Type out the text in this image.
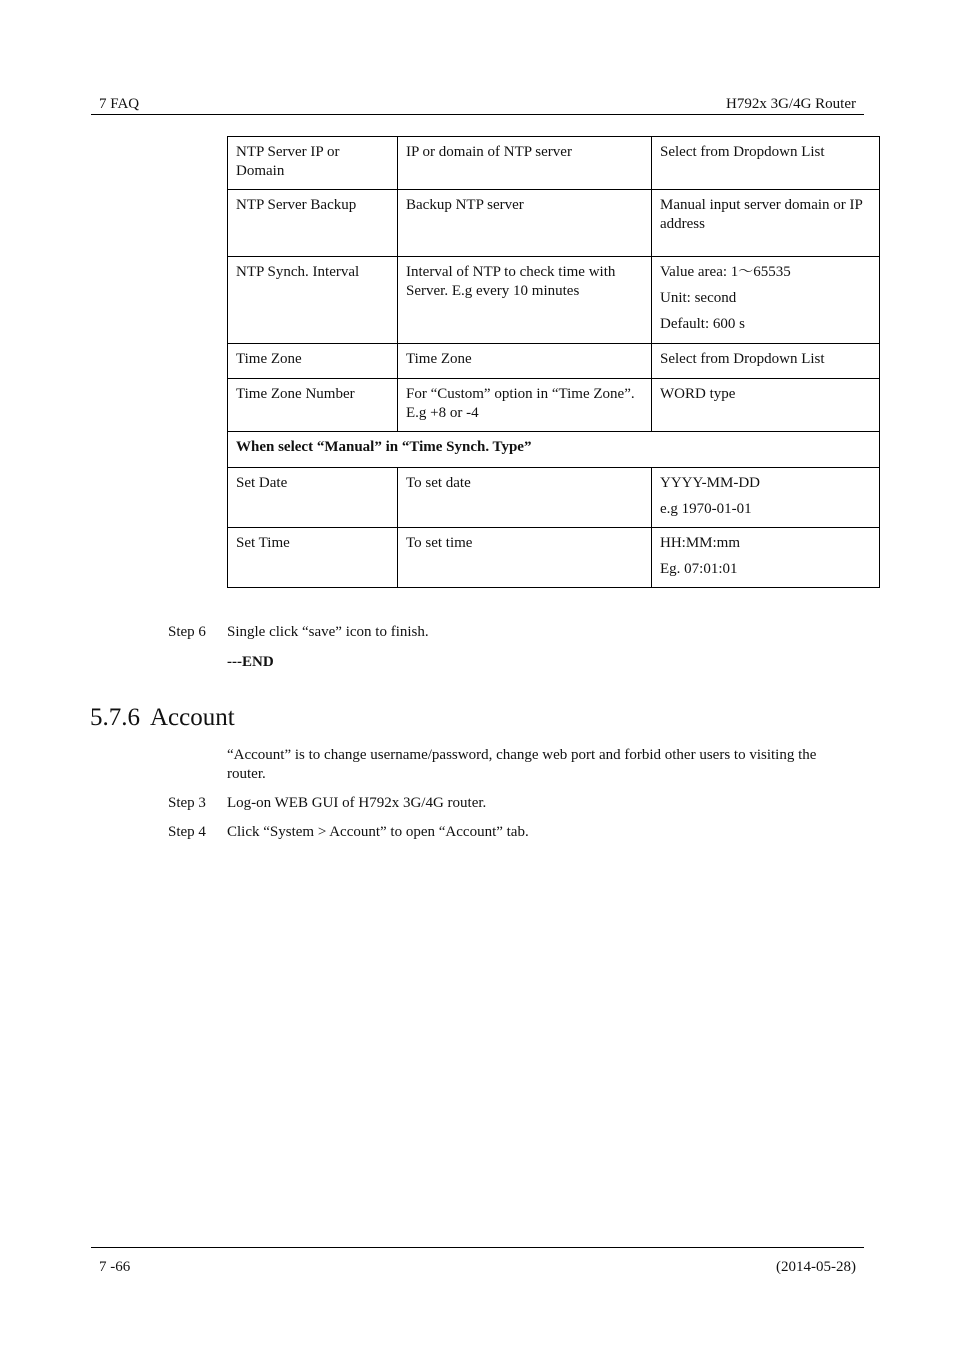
7 FAQ	H792x 3G/4G Router
NTP Server IP or Domain	IP or domain of NTP server	Select from Dropdown List

NTP Server Backup	Backup NTP server	Manual input server domain or IP address

NTP Synch. Interval	Interval of NTP to check time with Server. E.g every 10 minutes	Value area: 1～65535

Unit: second

Default: 600 s

Time Zone	Time Zone	Select from Dropdown List

Time Zone Number	For “Custom” option in “Time Zone”. E.g +8 or -4	WORD type

When select “Manual” in “Time Synch. Type”		
Set Date	To set date	YYYY-MM-DD

e.g 1970-01-01

Set Time	To set time	HH:MM:mm

Eg. 07:01:01

Step 6 Single click “save” icon to finish.
---END
5.7.6 Account
“Account” is to change username/password, change web port and forbid other users to visiting the router.
Step 3 Log-on WEB GUI of H792x 3G/4G router.
Step 4 Click “System > Account” to open “Account” tab.
7 -66	(2014-05-28)
